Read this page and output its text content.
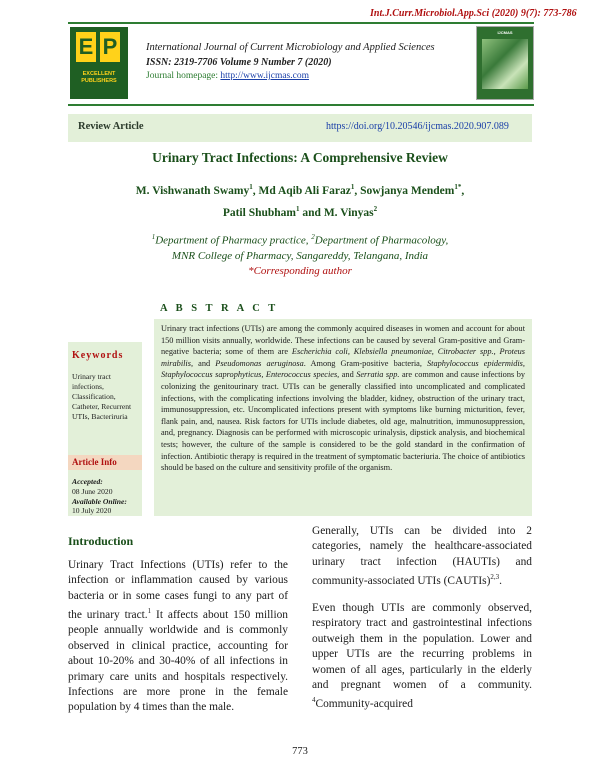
Int.J.Curr.Microbiol.App.Sci (2020) 9(7): 773-786
E P
EXCELLENT PUBLISHERS
International Journal of Current Microbiology and Applied Sciences
ISSN: 2319-7706 Volume 9 Number 7 (2020)
Journal homepage: http://www.ijcmas.com
IJCMAS
Review Article	https://doi.org/10.20546/ijcmas.2020.907.089
Urinary Tract Infections: A Comprehensive Review
M. Vishwanath Swamy$^1$, Md Aqib Ali Faraz$^1$, Sowjanya Mendem$^{1*}$,
Patil Shubham$^1$ and M. Vinyas$^2$
$^1$Department of Pharmacy practice, $^2$Department of Pharmacology,
MNR College of Pharmacy, Sangareddy, Telangana, India
*Corresponding author
A B S T R A C T
Urinary tract infections (UTIs) are among the commonly acquired diseases in women and account for about 150 million visits annually, worldwide. These infections can be caused by several Gram-positive and Gram-negative bacteria; some of them are Escherichia coli, Klebsiella pneumoniae, Citrobacter spp., Proteus mirabilis, and Pseudomonas aeruginosa. Among Gram-positive bacteria, Staphylococcus epidermidis, Staphylococcus saprophyticus, Enterococcus species, and Serratia spp. are common and cause infections by colonizing the genitourinary tract. UTIs can be generally classified into uncomplicated and complicated infections, with the complicating infections involving the bladder, kidney, obstruction of the urinary tract, immunosuppression, etc. Uncomplicated infections present with symptoms like burning micturition, fever, flank pain, and, nausea. Risk factors for UTIs include diabetes, old age, malnutrition, immunosuppression, and, pregnancy. Diagnosis can be performed with microscopic urinalysis, dipstick analysis, and biochemical tests; however, the culture of the sample is considered to be the gold standard in the confirmation of infection. Antibiotic therapy is required in the treatment of symptomatic bacteriuria. The choice of antibiotics should be based on the culture and sensitivity profile of the organism.
Keywords
Urinary tract infections, Classification, Catheter, Recurrent UTIs, Bacteriruria
Article Info
Accepted:
08 June 2020
Available Online:
10 July 2020
Introduction
Urinary Tract Infections (UTIs) refer to the infection or inflammation caused by various bacteria or in some cases fungi to any part of the urinary tract.$^1$ It affects about 150 million people annually worldwide and is commonly observed in clinical practice, accounting for about 10-20% and 30-40% of all infections in primary care units and hospitals respectively. Infections are more prone in the female population by 4 times than the male.
Generally, UTIs can be divided into 2 categories, namely the healthcare-associated urinary tract infection (HAUTIs) and community-associated UTIs (CAUTIs)$^{2,3}$.
Even though UTIs are commonly observed, respiratory tract and gastrointestinal infections outweigh them in the population. Lower and upper UTIs are the recurring problems in women of all ages, particularly in the elderly and pregnant women of a community. $^4$Community-acquired
773
